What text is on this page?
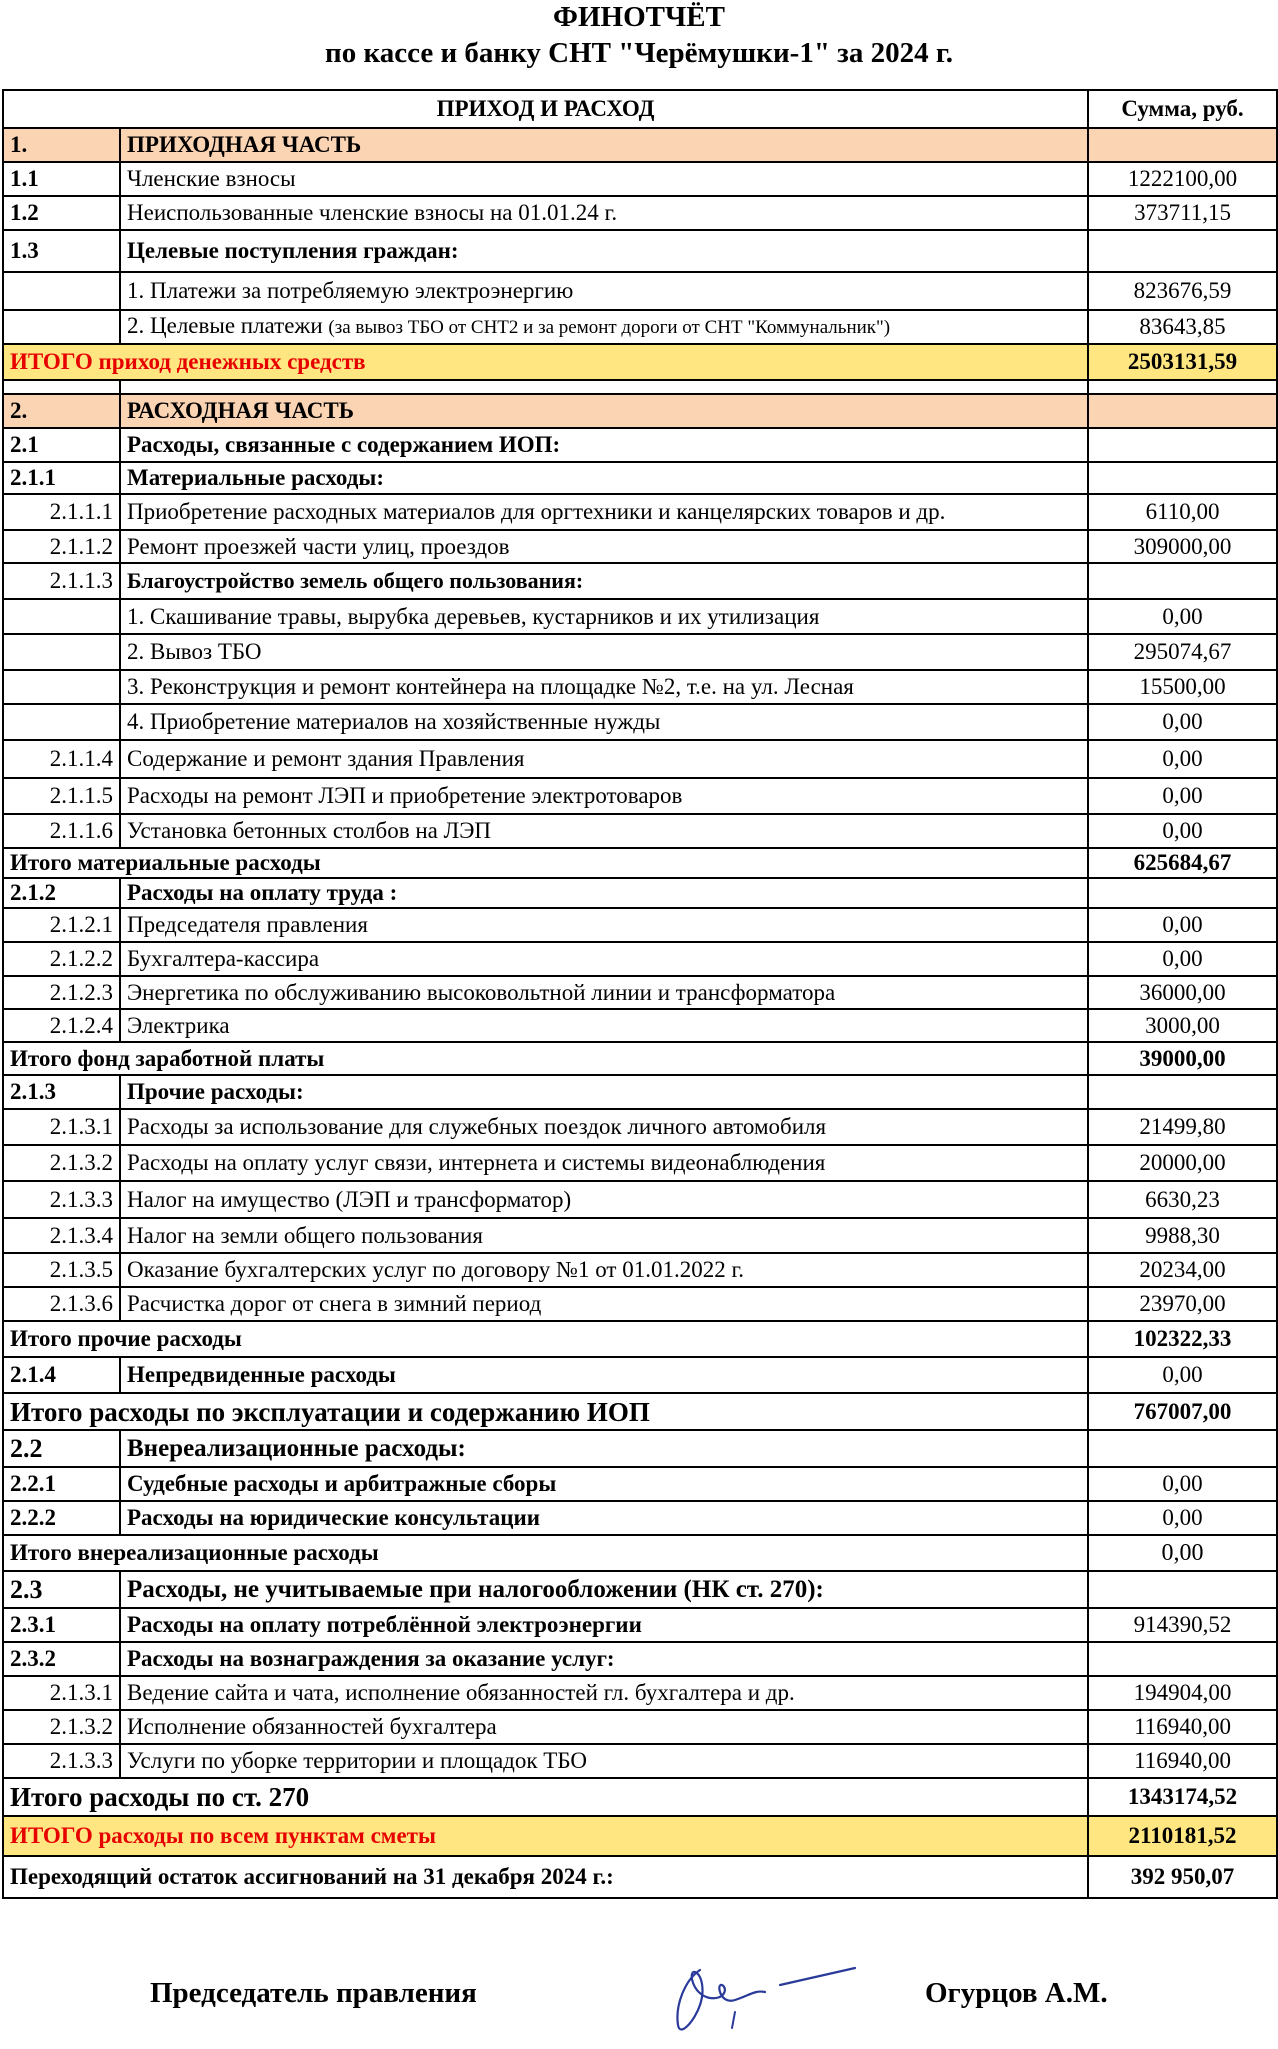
ФИНОТЧЁТ
по кассе и банку СНТ "Черёмушки-1" за 2024 г.
ПРИХОД И РАСХОД		Сумма, руб.
1.	ПРИХОДНАЯ ЧАСТЬ	
1.1	Членские взносы	1222100,00
1.2	Неиспользованные членские взносы на 01.01.24 г.	373711,15
1.3	Целевые поступления граждан:	
	1. Платежи за потребляемую электроэнергию	823676,59
	2. Целевые платежи (за вывоз ТБО от СНТ2 и за ремонт дороги от СНТ "Коммунальник")	83643,85
ИТОГО приход денежных средств		2503131,59

2.	РАСХОДНАЯ ЧАСТЬ	
2.1	Расходы, связанные с содержанием ИОП:	
2.1.1	Материальные расходы:	
2.1.1.1	Приобретение расходных материалов для оргтехники и канцелярских товаров и др.	6110,00
2.1.1.2	Ремонт проезжей части улиц, проездов	309000,00
2.1.1.3	Благоустройство земель общего пользования:	
	1. Скашивание травы, вырубка деревьев, кустарников и их утилизация	0,00
	2. Вывоз ТБО	295074,67
	3. Реконструкция и ремонт контейнера на площадке №2, т.е. на ул. Лесная	15500,00
	4. Приобретение материалов на хозяйственные нужды	0,00
2.1.1.4	Содержание и ремонт здания Правления	0,00
2.1.1.5	Расходы на ремонт ЛЭП и приобретение электротоваров	0,00
2.1.1.6	Установка бетонных столбов на ЛЭП	0,00
Итого материальные расходы		625684,67
2.1.2	Расходы на оплату труда :	
2.1.2.1	Председателя правления	0,00
2.1.2.2	Бухгалтера-кассира	0,00
2.1.2.3	Энергетика по обслуживанию высоковольтной линии и трансформатора	36000,00
2.1.2.4	Электрика	3000,00
Итого фонд заработной платы		39000,00
2.1.3	Прочие расходы:	
2.1.3.1	Расходы за использование для служебных поездок личного автомобиля	21499,80
2.1.3.2	Расходы на оплату услуг связи, интернета и системы видеонаблюдения	20000,00
2.1.3.3	Налог на имущество (ЛЭП и трансформатор)	6630,23
2.1.3.4	Налог на земли общего пользования	9988,30
2.1.3.5	Оказание бухгалтерских услуг по договору №1 от 01.01.2022 г.	20234,00
2.1.3.6	Расчистка дорог от снега в зимний период	23970,00
Итого прочие расходы		102322,33
2.1.4	Непредвиденные расходы	0,00
Итого расходы по эксплуатации и содержанию ИОП		767007,00
2.2	Внереализационные расходы:	
2.2.1	Судебные расходы и арбитражные сборы	0,00
2.2.2	Расходы на юридические консультации	0,00
Итого внереализационные расходы		0,00
2.3	Расходы, не учитываемые при налогообложении (НК ст. 270):	
2.3.1	Расходы на оплату потреблённой электроэнергии	914390,52
2.3.2	Расходы на вознаграждения за оказание услуг:	
2.1.3.1	Ведение сайта и чата, исполнение обязанностей гл. бухгалтера и др.	194904,00
2.1.3.2	Исполнение обязанностей бухгалтера	116940,00
2.1.3.3	Услуги по уборке территории и площадок ТБО	116940,00
Итого расходы по ст. 270		1343174,52
ИТОГО расходы по всем пунктам сметы		2110181,52
Переходящий остаток ассигнований на 31 декабря 2024 г.:		392 950,07
Председатель правления	Огурцов А.М.
